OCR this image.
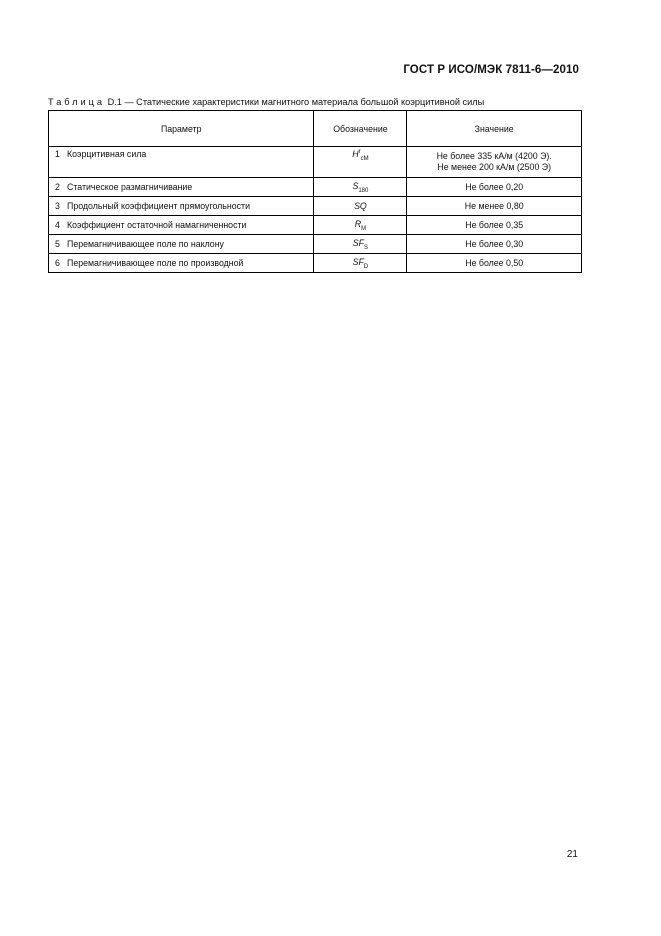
ГОСТ Р ИСО/МЭК 7811-6—2010
Таблица D.1 — Статические характеристики магнитного материала большой коэрцитивной силы
Параметр	Обозначение	Значение
1 Коэрцитивная сила	$H^r_{cM}$	Не более 335 кА/м (4200 Э).
Не менее 200 кА/м (2500 Э)

2 Статическое размагничивание	$S_{180}$	Не более 0,20
3 Продольный коэффициент прямоугольности	SQ	Не менее 0,80
4 Коэффициент остаточной намагниченности	$R_M$	Не более 0,35
5 Перемагничивающее поле по наклону	$SF_S$	Не более 0,30
6 Перемагничивающее поле по производной	$SF_D$	Не более 0,50
21
